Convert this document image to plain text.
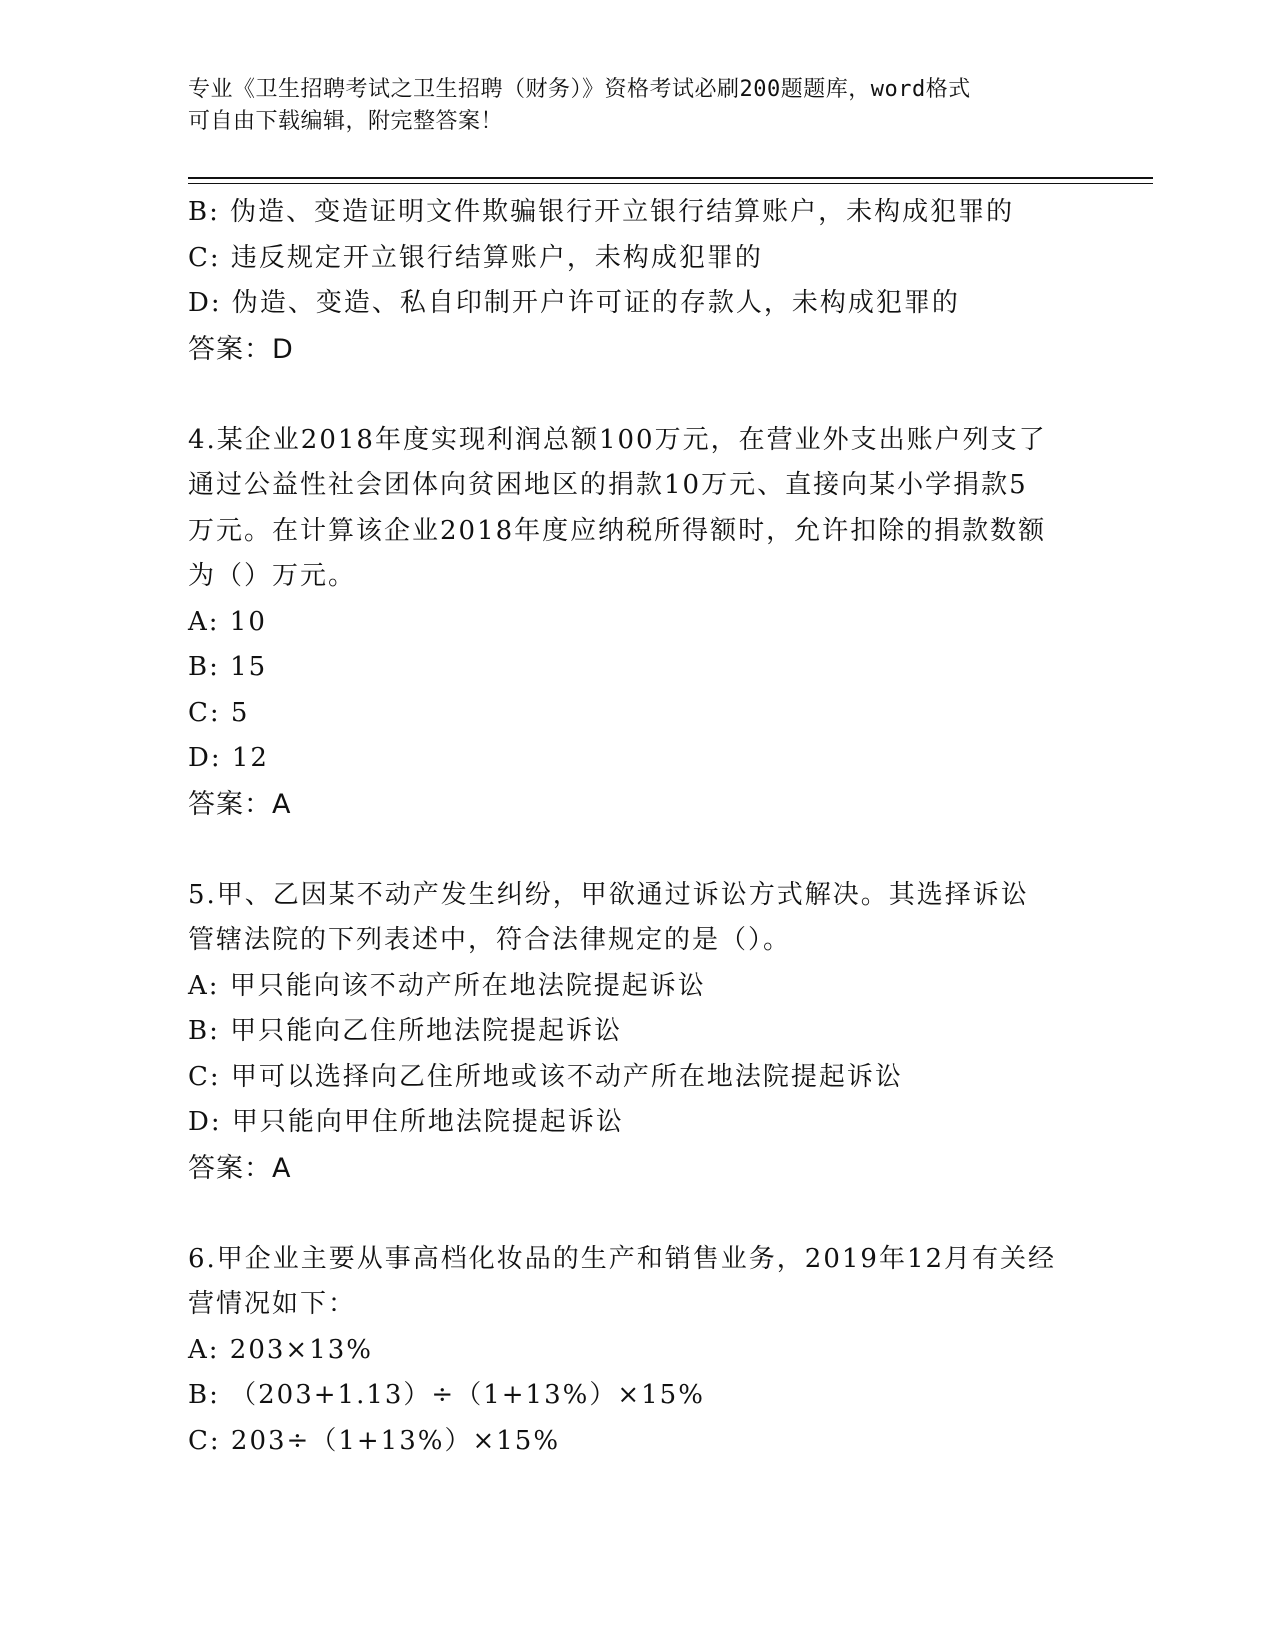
专业《卫生招聘考试之卫生招聘（财务）》资格考试必刷200题题库，word格式
可自由下载编辑，附完整答案！
B: 伪造、变造证明文件欺骗银行开立银行结算账户，未构成犯罪的
C: 违反规定开立银行结算账户，未构成犯罪的
D: 伪造、变造、私自印制开户许可证的存款人，未构成犯罪的
答案：D
4.某企业2018年度实现利润总额100万元，在营业外支出账户列支了
通过公益性社会团体向贫困地区的捐款10万元、直接向某小学捐款5
万元。在计算该企业2018年度应纳税所得额时，允许扣除的捐款数额
为（）万元。
A: 10
B: 15
C: 5
D: 12
答案：A
5.甲、乙因某不动产发生纠纷，甲欲通过诉讼方式解决。其选择诉讼
管辖法院的下列表述中，符合法律规定的是（）。
A: 甲只能向该不动产所在地法院提起诉讼
B: 甲只能向乙住所地法院提起诉讼
C: 甲可以选择向乙住所地或该不动产所在地法院提起诉讼
D: 甲只能向甲住所地法院提起诉讼
答案：A
6.甲企业主要从事高档化妆品的生产和销售业务，2019年12月有关经
营情况如下：
A: 203×13%
B: （203+1.13）÷（1+13%）×15%
C: 203÷（1+13%）×15%
